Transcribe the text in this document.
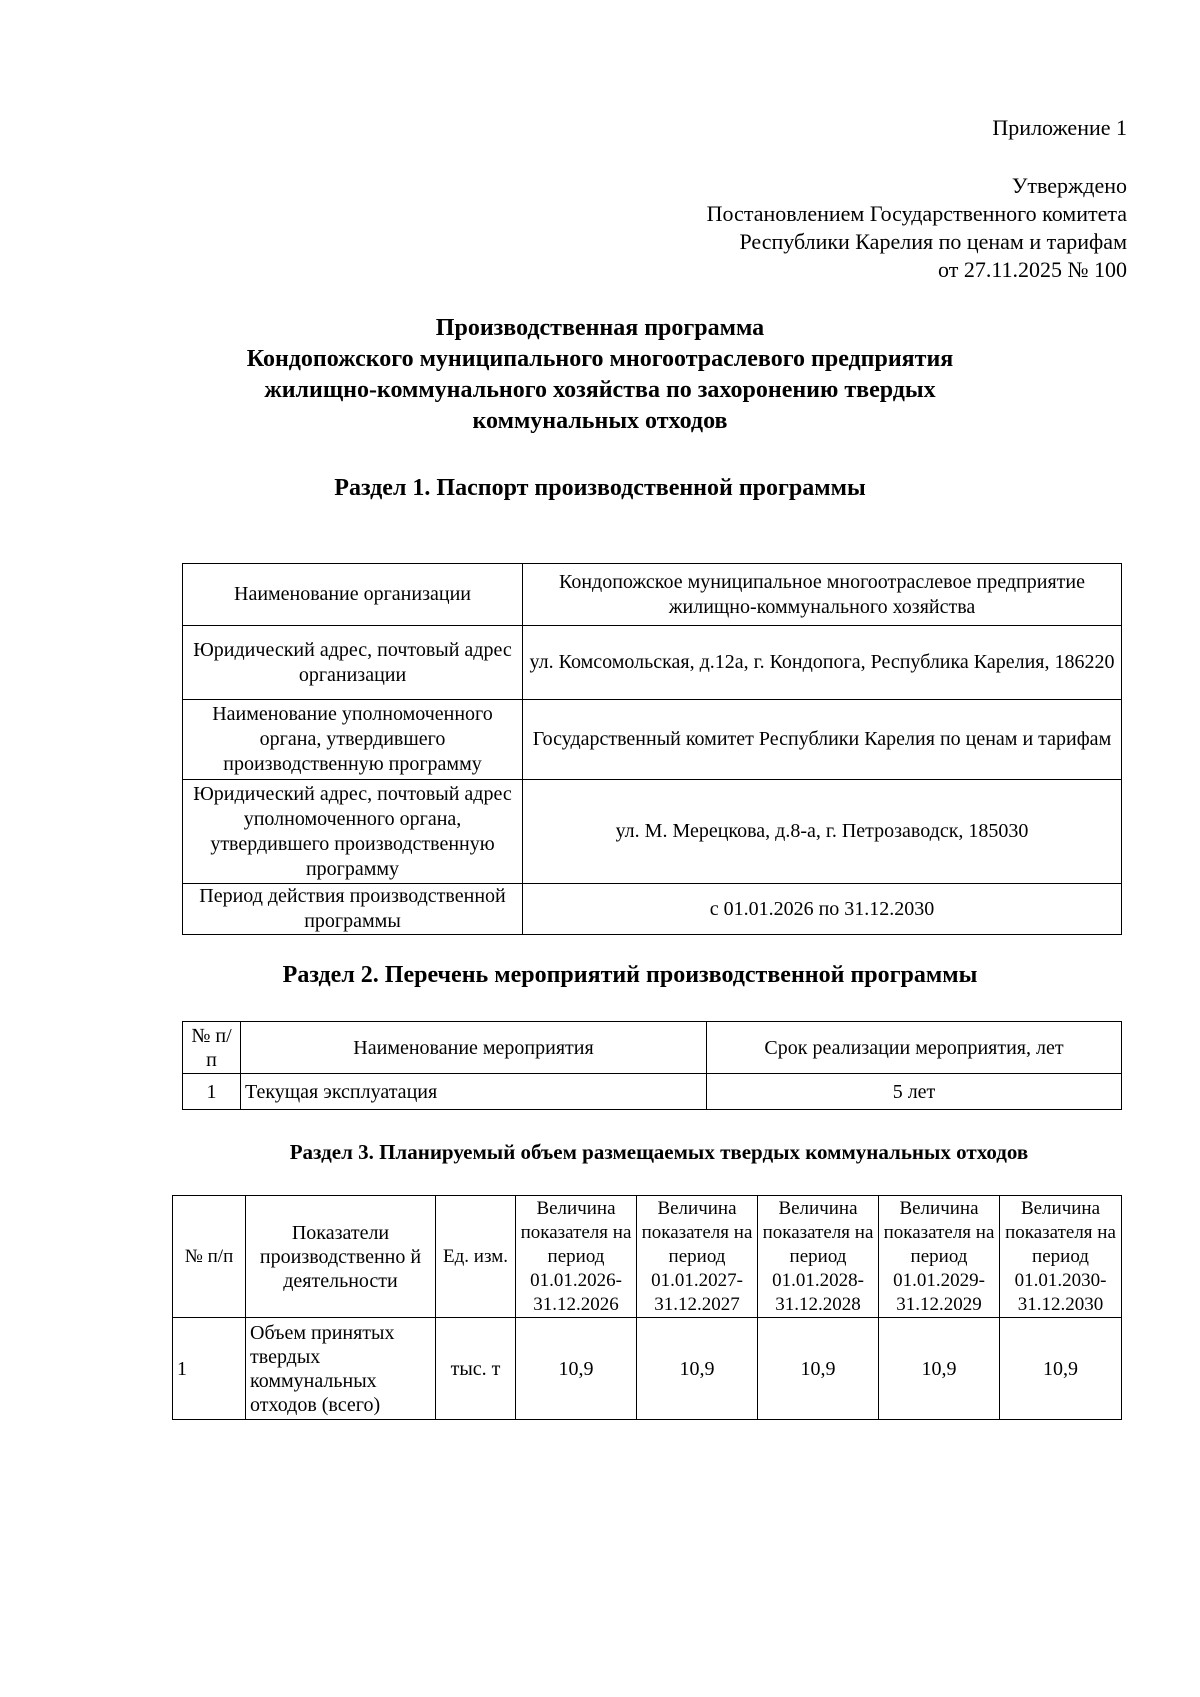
Приложение 1
Утверждено
Постановлением Государственного комитета
Республики Карелия по ценам и тарифам
от 27.11.2025 № 100
Производственная программа
Кондопожского муниципального многоотраслевого предприятия
жилищно-коммунального хозяйства по захоронению твердых
коммунальных отходов
Раздел 1. Паспорт производственной программы
Наименование организации	Кондопожское муниципальное многоотраслевое предприятие жилищно-коммунального хозяйства
Юридический адрес, почтовый адрес организации	ул. Комсомольская, д.12а, г. Кондопога, Республика Карелия, 186220
Наименование уполномоченного органа, утвердившего производственную программу	Государственный комитет Республики Карелия по ценам и тарифам
Юридический адрес, почтовый адрес уполномоченного органа, утвердившего производственную программу	ул. М. Мерецкова, д.8-а, г. Петрозаводск, 185030
Период действия производственной программы	с 01.01.2026 по 31.12.2030
Раздел 2. Перечень мероприятий производственной программы
№ п/п	Наименование мероприятия	Срок реализации мероприятия, лет
1	Текущая эксплуатация	5 лет
Раздел 3. Планируемый объем размещаемых твердых коммунальных отходов
№ п/п	Показатели производственно й деятельности	Ед. изм.	Величина показателя на период 01.01.2026-31.12.2026	Величина показателя на период 01.01.2027-31.12.2027	Величина показателя на период 01.01.2028-31.12.2028	Величина показателя на период 01.01.2029-31.12.2029	Величина показателя на период 01.01.2030-31.12.2030
1	Объем принятых твердых коммунальных отходов (всего)	тыс. т	10,9	10,9	10,9	10,9	10,9
